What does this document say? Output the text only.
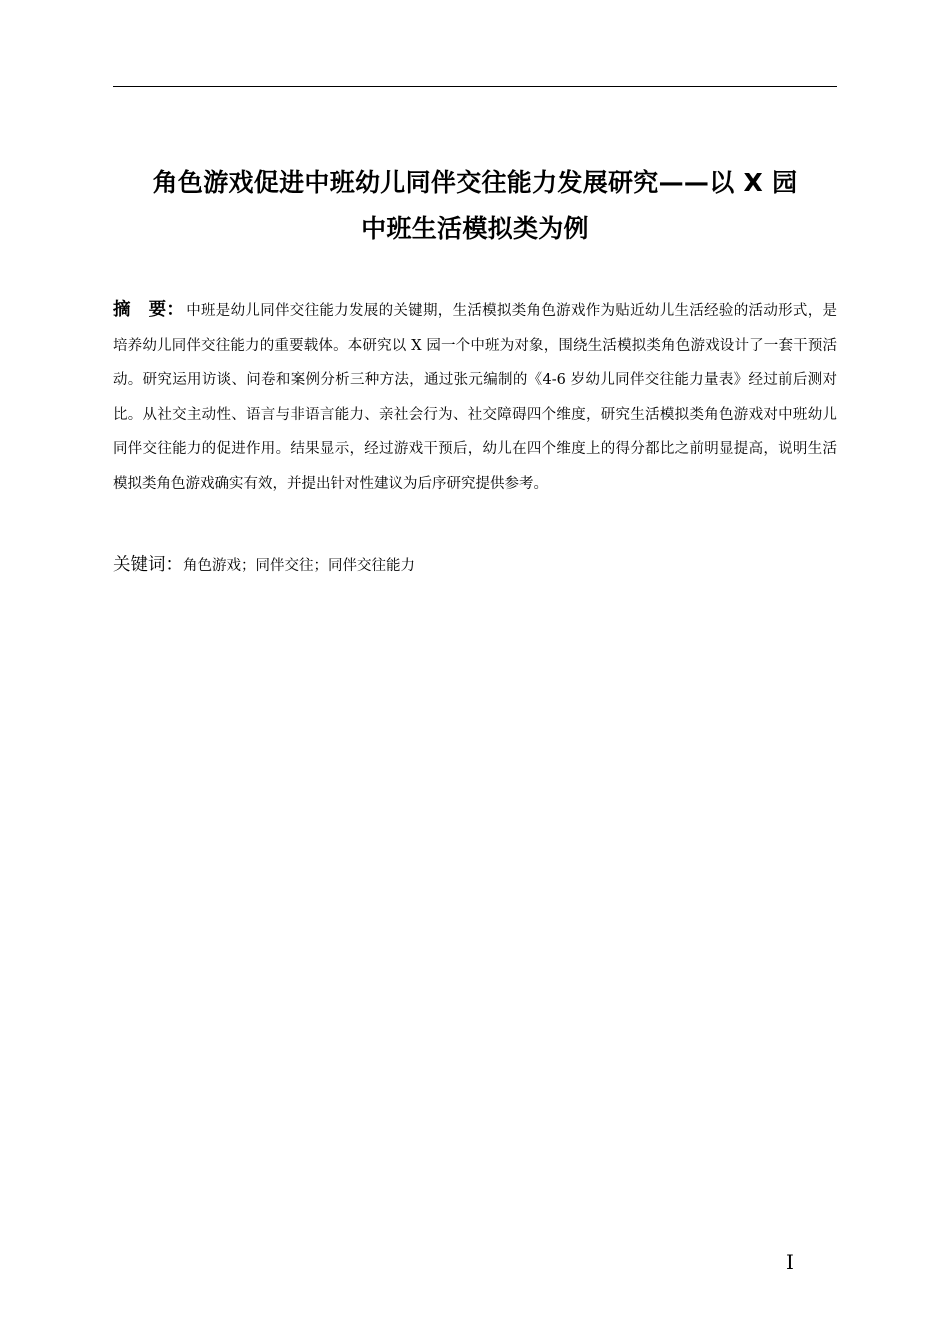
角色游戏促进中班幼儿同伴交往能力发展研究——以 X 园
中班生活模拟类为例
摘　要： 中班是幼儿同伴交往能力发展的关键期，生活模拟类角色游戏作为贴近幼儿生活经验的活动形式，是培养幼儿同伴交往能力的重要载体。本研究以 X 园一个中班为对象，围绕生活模拟类角色游戏设计了一套干预活动。研究运用访谈、问卷和案例分析三种方法，通过张元编制的《4-6 岁幼儿同伴交往能力量表》经过前后测对比。从社交主动性、语言与非语言能力、亲社会行为、社交障碍四个维度，研究生活模拟类角色游戏对中班幼儿同伴交往能力的促进作用。结果显示，经过游戏干预后，幼儿在四个维度上的得分都比之前明显提高，说明生活模拟类角色游戏确实有效，并提出针对性建议为后序研究提供参考。
关键词：角色游戏；同伴交往；同伴交往能力
I
